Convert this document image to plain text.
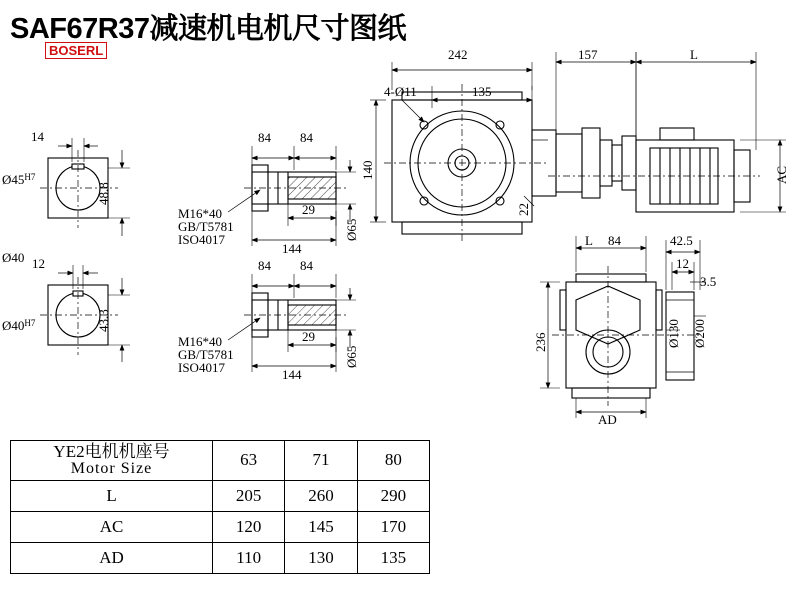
SAF67R37减速机电机尺寸图纸
BOSERL
14
$Ø45^{H7}$
48.8
Ø40 12
$Ø40^{H7}$	43.3
84 84
29
144
Ø65
M16*40
GB/T5781
ISO4017
84 84
29
144
Ø65
M16*40
GB/T5781
ISO4017
242
135
4-Ø11
140
22
157	L
AC
L 84	42.5
12
3.5
236	Ø130 Ø200
AD
YE2电机机座号
Motor Size	63	71	80
L	205	260	290
AC	120	145	170
AD	110	130	135
